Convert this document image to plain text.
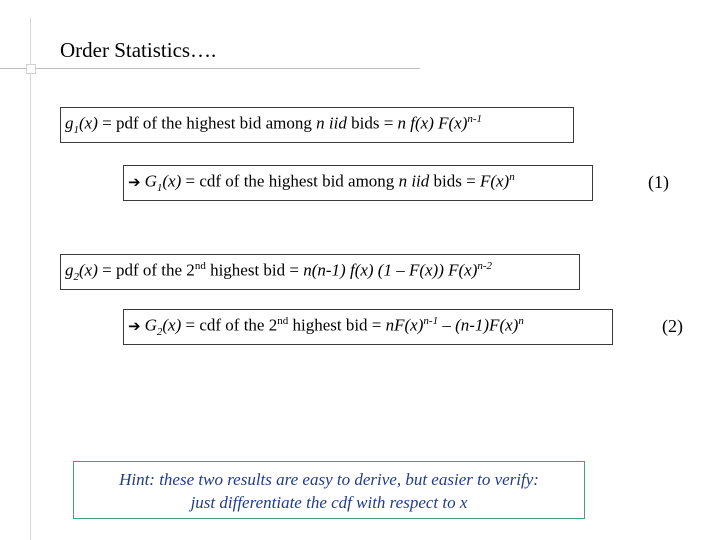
Order Statistics….
$g_1(x)$ = pdf of the highest bid among n iid bids = n f(x) $F(x)^{n-1}$
➔ $G_1(x)$ = cdf of the highest bid among n iid bids = $F(x)^n$	(1)
$g_2(x)$ = pdf of the 2nd highest bid = n(n-1) f(x) (1 – F(x)) $F(x)^{n-2}$
➔ $G_2(x)$ = cdf of the 2nd highest bid = $nF(x)^{n-1} - (n-1)F(x)^n$	(2)
Hint: these two results are easy to derive, but easier to verify:
just differentiate the cdf with respect to x
